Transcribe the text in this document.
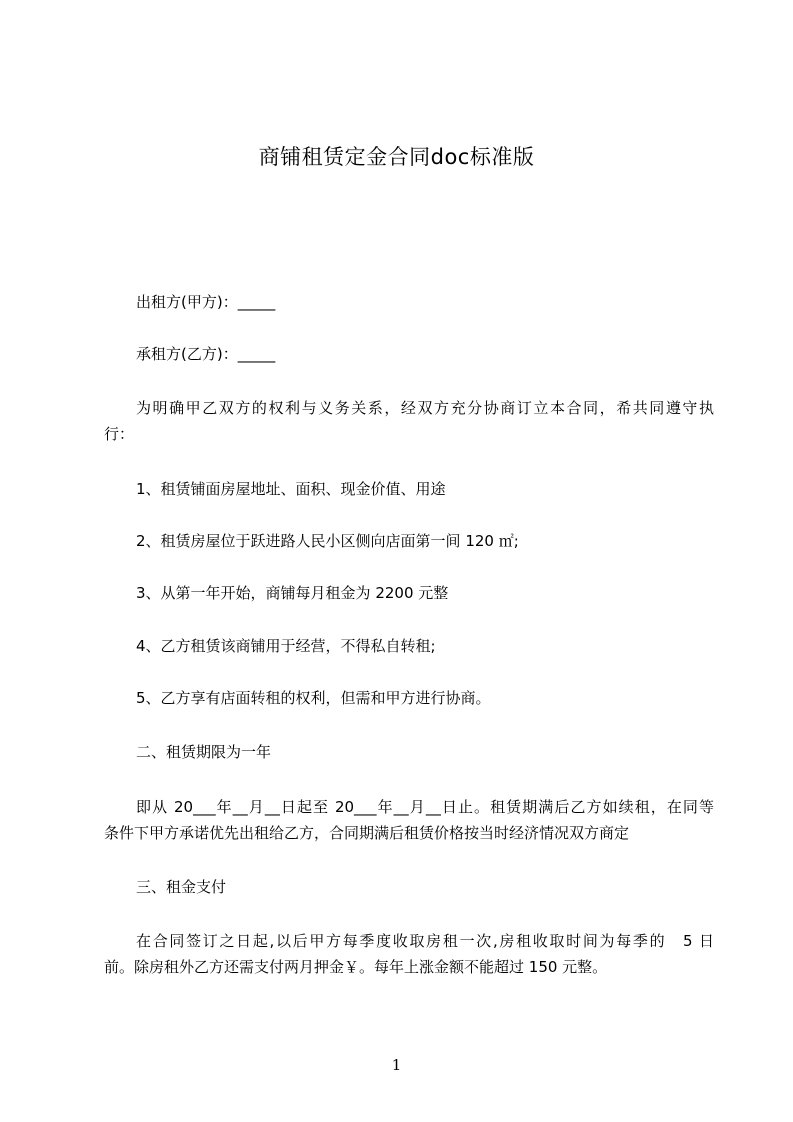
商铺租赁定金合同doc标准版
出租方(甲方)：_____
承租方(乙方)：_____
为明确甲乙双方的权利与义务关系，经双方充分协商订立本合同，希共同遵守执
行：
1、租赁铺面房屋地址、面积、现金价值、用途
2、租赁房屋位于跃进路人民小区侧向店面第一间 120 ㎡;
3、从第一年开始，商铺每月租金为 2200 元整
4、乙方租赁该商铺用于经营，不得私自转租;
5、乙方享有店面转租的权利，但需和甲方进行协商。
二、租赁期限为一年
即从 20___年__月__日起至 20___年__月__日止。租赁期满后乙方如续租，在同等
条件下甲方承诺优先出租给乙方，合同期满后租赁价格按当时经济情况双方商定
三、租金支付
在合同签订之日起,以后甲方每季度收取房租一次,房租收取时间为每季的　5 日
前。除房租外乙方还需支付两月押金￥。每年上涨金额不能超过 150 元整。
1
